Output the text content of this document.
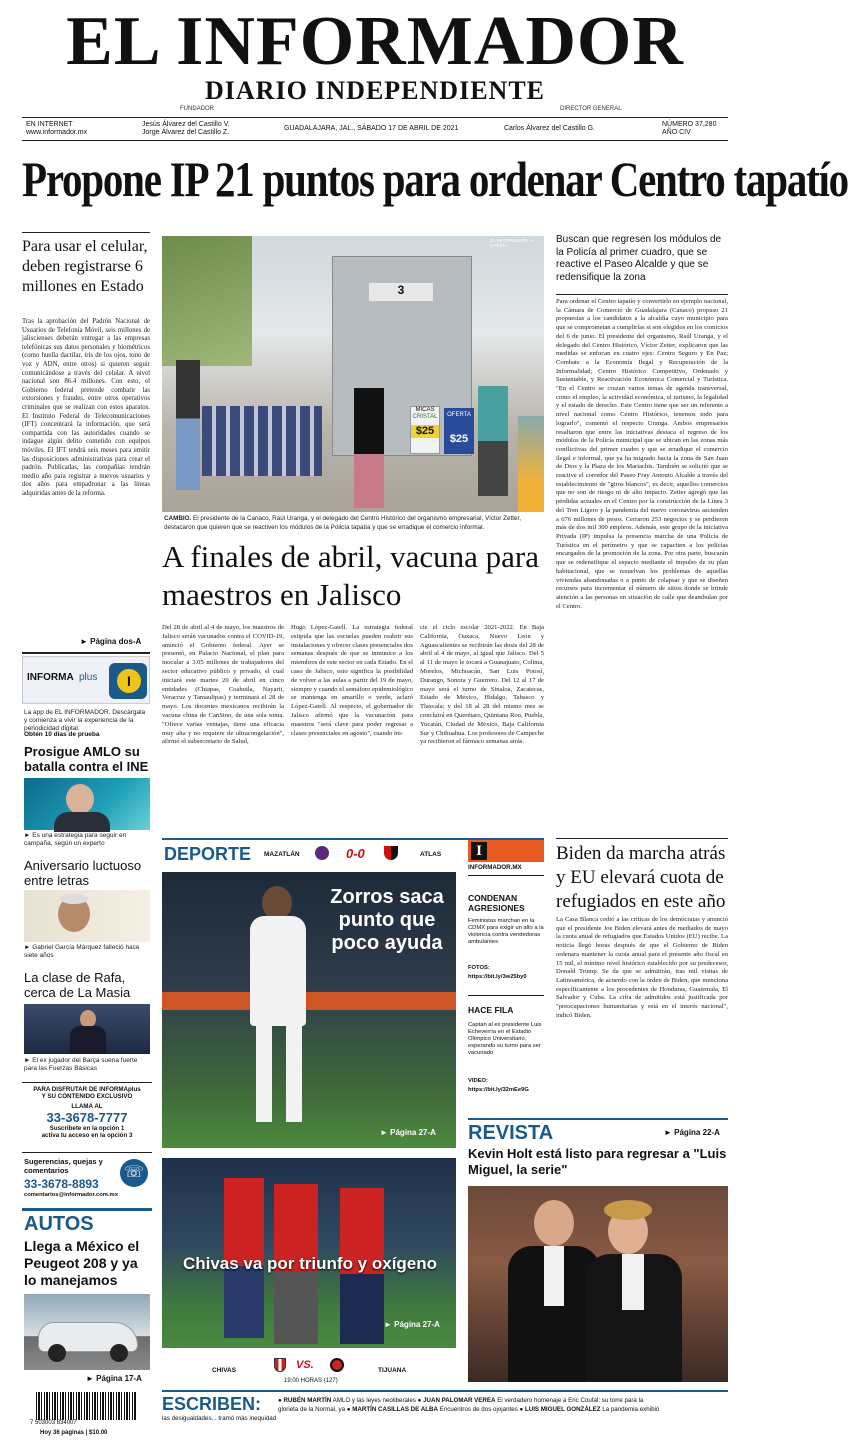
EL INFORMADOR
FUNDADOR
DIARIO INDEPENDIENTE
DIRECTOR GENERAL
EN INTERNET
www.informador.mx
Jesús Álvarez del Castillo V.
Jorge Álvarez del Castillo Z.
GUADALAJARA, JAL., SÁBADO 17 DE ABRIL DE 2021	Carlos Álvarez del Castillo G.
NÚMERO 37,280
AÑO CIV
Propone IP 21 puntos para ordenar Centro tapatío
Para usar el celular, deben registrarse 6 millones en Estado
Tras la aprobación del Padrón Nacional de Usuarios de Telefonía Móvil, seis millones de jaliscienses deberán entregar a las empresas telefónicas sus datos personales y biométricos (como huella dactilar, iris de los ojos, tono de voz y ADN, entre otros) si quieren seguir comunicándose a través del celular. A nivel nacional son 86.4 millones. Con esto, el Gobierno federal pretende combatir las extorsiones y fraudes, entre otros operativos criminales que se realizan con estos aparatos. El Instituto Federal de Telecomunicaciones (IFT) concentrará la información, que será compartida con las autoridades cuando se indague algún delito cometido con equipos móviles. El IFT tendrá seis meses para emitir las disposiciones administrativas para crear el padrón. Publicadas, las compañías tendrán medio año para registrar a nuevos usuarios y dos años para empadronar a las líneas adquiridas antes de la reforma.
► Página dos-A
INFORMA plus	I
La app de EL INFORMADOR. Descárgala y comienza a vivir la experiencia de la periodicidad digital.
Obtén 10 días de prueba
Prosigue AMLO su batalla contra el INE
► Es una estrategia para seguir en campaña, según un experto
Aniversario luctuoso entre letras
► Gabriel García Márquez falleció hace siete años
La clase de Rafa, cerca de La Masia
► El ex jugador del Barça suena fuerte para las Fuerzas Básicas
PARA DISFRUTAR DE INFORMAplus
Y SU CONTENIDO EXCLUSIVO
LLAMA AL
33-3678-7777
Suscríbete en la opción 1
activa tu acceso en la opción 3
Sugerencias, quejas y comentarios	☏
33-3678-8893
comentarios@informador.com.mx
AUTOS
Llega a México el Peugeot 208 y ya lo manejamos
► Página 17-A
7 503003 834007
Hoy 36 páginas | $10.00
3
MICAS
CRISTAL
$25
OFERTA
$25
EL INFORMADOR · A. GARCÍA
CAMBIO. El presidente de la Canaco, Raúl Uranga, y el delegado del Centro Histórico del organismo empresarial, Víctor Zetter, destacaron que quieren que se reactiven los módulos de la Policía tapatía y que se erradique el comercio informal.
A finales de abril, vacuna para maestros en Jalisco
Del 28 de abril al 4 de mayo, los maestros de Jalisco serán vacunados contra el COVID-19, anunció el Gobierno federal. Ayer se presentó, en Palacio Nacional, el plan para inocular a 3.05 millones de trabajadores del sector educativo público y privado, el cual iniciará este martes 20 de abril en cinco entidades (Chiapas, Coahuila, Nayarit, Veracruz y Tamaulipas) y terminará el 28 de mayo. Los docentes mexicanos recibirán la vacuna china de CanSino, de una sola toma. "Ofrece varias ventajas, tiene una eficacia muy alta y no requiere de ultracongelación", afirmó el subsecretario de Salud,
Hugo López-Gatell. La estrategia federal estipula que las escuelas pueden reabrir sus instalaciones y ofrecer clases presenciales dos semanas después de que se inmunice a los miembros de este sector en cada Estado. En el caso de Jalisco, esto significa la posibilidad de volver a las aulas a partir del 19 de mayo, siempre y cuando el semáforo epidemiológico se mantenga en amarillo o verde, aclaró López-Gatell. Al respecto, el gobernador de Jalisco afirmó que la vacunación para maestros "será clave para poder regresar a clases presenciales en agosto", cuando ini-
cie el ciclo escolar 2021-2022. En Baja California, Oaxaca, Nuevo León y Aguascalientes se recibirán las dosis del 28 de abril al 4 de mayo, al igual que Jalisco. Del 5 al 11 de mayo le tocará a Guanajuato, Colima, Morelos, Michoacán, San Luis Potosí, Durango, Sonora y Guerrero. Del 12 al 17 de mayo será el turno de Sinaloa, Zacatecas, Estado de México, Hidalgo, Tabasco y Tlaxcala; y del 18 al 28 del mismo mes se concluirá en Querétaro, Quintana Roo, Puebla, Yucatán, Ciudad de México, Baja California Sur y Chihuahua. Los profesores de Campeche ya recibieron el fármaco semanas atrás.
Buscan que regresen los módulos de la Policía al primer cuadro, que se reactive el Paseo Alcalde y que se redensifique la zona
Para ordenar el Centro tapatío y convertirlo en ejemplo nacional, la Cámara de Comercio de Guadalajara (Canaco) propuso 21 propuestas a los candidatos a la alcaldía cuyo municipio para que se comprometan a cumplirlas si son elegidos en los comicios del 6 de junio. El presidente del organismo, Raúl Uranga, y el delegado del Centro Histórico, Víctor Zetter, explicaron que las medidas se enfocan en cuatro ejes: Centro Seguro y En Paz; Combate a la Economía Ilegal y Recuperación de la Informalidad; Centro Histórico Competitivo, Ordenado y Sustentable, y Reactivación Económica Comercial y Turística. "En el Centro se cruzan varios temas de agenda transversal, como el empleo, la actividad económica, el turismo, la legalidad y el estado de derecho. Este Centro tiene que ser un referente a nivel nacional como Centro Histórico, tenemos todo para lograrlo", comentó el respecto Uranga. Ambos empresarios resaltaron que entre las iniciativas destaca el regreso de los módulos de la Policía municipal que se ubican en las zonas más conflictivas del primer cuadro y que se erradique el comercio ilegal e informal, que ya ha migrado hacia la zona de San Juan de Dios y la Plaza de los Mariachis. También se solicitó que se reactive el corredor del Paseo Fray Antonio Alcalde a través del establecimiento de "giros blancos", es decir, aquellos comercios que no son de riesgo ni de alto impacto. Zetter agregó que las pérdidas actuales en el Centro por la construcción de la Línea 3 del Tren Ligero y la pandemia del nuevo coronavirus ascienden a 676 millones de pesos. Cerraron 253 negocios y se perdieron más de dos mil 300 empleos. Además, este grupo de la iniciativa Privada (IP) impulsa la presencia marcha de una Policía de Turística en el perímetro y que se capaciten a los policías encargados de la promoción de la zona. Por otra parte, buscarán que se redensifique el espacio mediante el impulso de su plan habitacional, que se resuelvan los problemas de aquellas viviendas abandonadas o a punto de colapsar y que se diseñen recursos para incrementar el número de sitios donde se brinde atención a las personas en situación de calle que deambulan por el Centro.
DEPORTE MAZATLÁN	0-0	ATLAS
Zorros saca punto que poco ayuda
► Página 27-A
Chivas va por triunfo y oxígeno
► Página 27-A
CHIVAS	VS.	TIJUANA
19:00 HORAS (127)
I
INFORMADOR.MX
CONDENAN AGRESIONES
Feministas marchan en la CDMX para exigir un alto a la violencia contra vendedoras ambulantes
FOTOS:
https://bit.ly/3w25by0
HACE FILA
Captan al ex presidente Luis Echeverría en el Estadio Olímpico Universitario, esperando su turno para ser vacunado
VIDEO:
https://bit.ly/32mEe9G
Biden da marcha atrás y EU elevará cuota de refugiados en este año
La Casa Blanca cedió a las críticas de los demócratas y anunció que el presidente Joe Biden elevará antes de mediados de mayo la cuota anual de refugiados que Estados Unidos (EU) recibe. La noticia llegó horas después de que el Gobierno de Biden ordenara mantener la cuota anual para el presente año fiscal en 15 mil, el mínimo nivel histórico establecido por su predecesor, Donald Trump. Se da que se admitirán, tras mil visitas de Latinoamérica, de acuerdo con la orden de Biden, que menciona específicamente a los procedentes de Honduras, Guatemala, El Salvador y Cuba. La cifra de admitidos está justificada por "preocupaciones humanitarias y está en el interés nacional", indicó Biden.
REVISTA	► Página 22-A
Kevin Holt está listo para regresar a "Luis Miguel, la serie"
ESCRIBEN:	● RUBÉN MARTÍN AMLO y las leyes neoliberales ● JUAN PALOMAR VEREA El verdadero homenaje a Eric Coufal: su torre para la
glorieta de la Normal, ya ● MARTÍN CASILLAS DE ALBA Encuentros de dos ojojantes ● LUIS MIGUEL GONZÁLEZ La pandemia exhibió
las desigualdades... tramó más inequidad
